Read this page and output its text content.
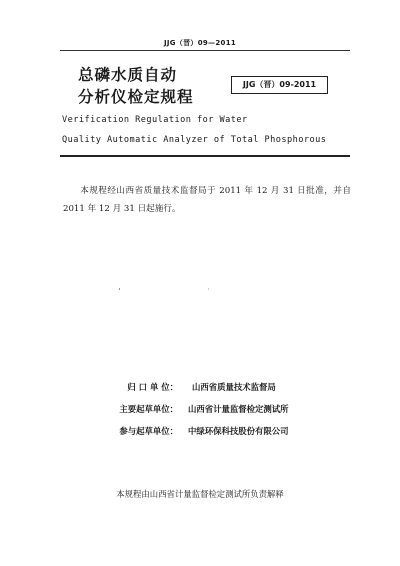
JJG（晋）09—2011
总磷水质自动
分析仪检定规程
JJG（晋）09-2011
Verification Regulation for Water
Quality Automatic Analyzer of Total Phosphorous
本规程经山西省质量技术监督局于 2011 年 12 月 31 日批准，并自 2011 年 12 月 31 日起施行。
归 口 单 位： 山西省质量技术监督局
主要起草单位： 山西省计量监督检定测试所
参与起草单位： 中绿环保科技股份有限公司
本规程由山西省计量监督检定测试所负责解释
